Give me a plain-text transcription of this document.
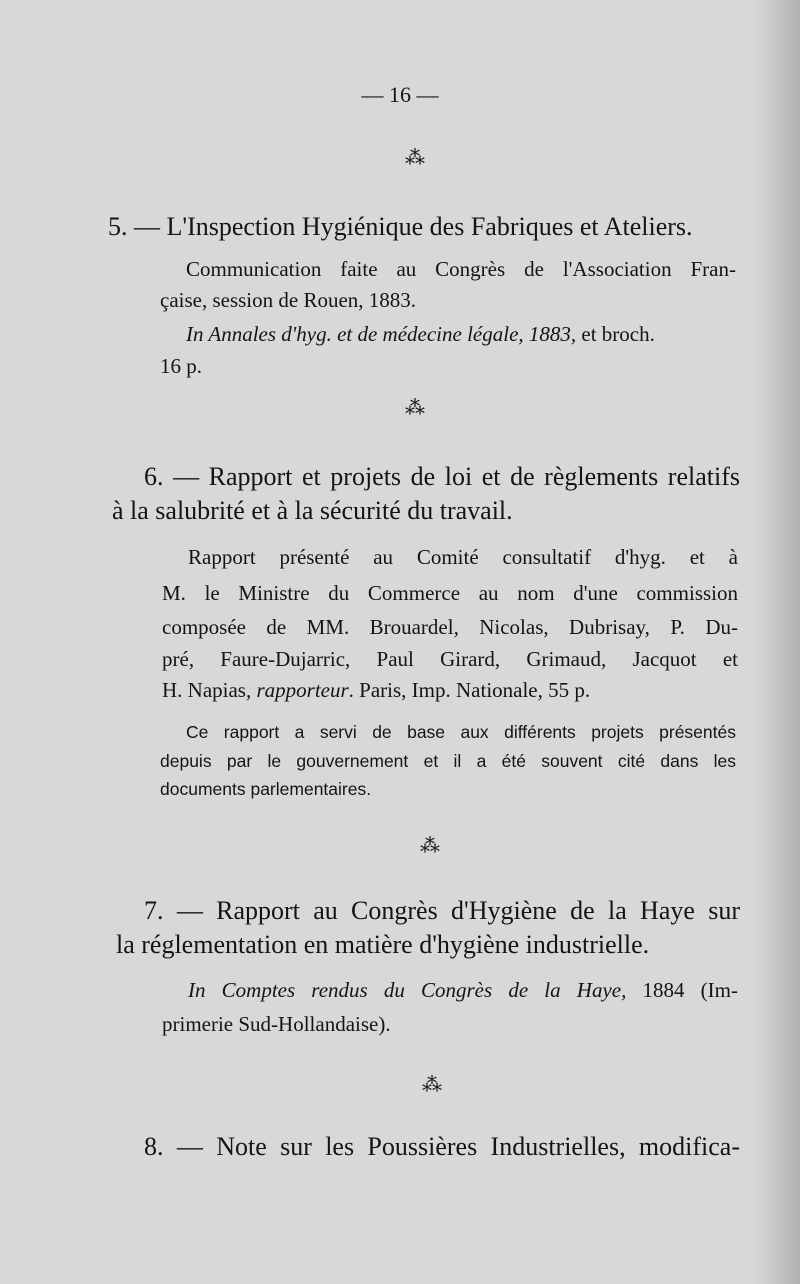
— 16 —
⁂
5. — L'Inspection Hygiénique des Fabriques et Ateliers.
Communication faite au Congrès de l'Association Fran-
çaise, session de Rouen, 1883.
In Annales d'hyg. et de médecine légale, 1883, et broch.
16 p.
⁂
6. — Rapport et projets de loi et de règlements relatifs
à la salubrité et à la sécurité du travail.
Rapport présenté au Comité consultatif d'hyg. et à
M. le Ministre du Commerce au nom d'une commission
composée de MM. Brouardel, Nicolas, Dubrisay, P. Du-
pré, Faure-Dujarric, Paul Girard, Grimaud, Jacquot et
H. Napias, rapporteur. Paris, Imp. Nationale, 55 p.
Ce rapport a servi de base aux différents projets présentés
depuis par le gouvernement et il a été souvent cité dans les
documents parlementaires.
⁂
7. — Rapport au Congrès d'Hygiène de la Haye sur
la réglementation en matière d'hygiène industrielle.
In Comptes rendus du Congrès de la Haye, 1884 (Im-
primerie Sud-Hollandaise).
⁂
8. — Note sur les Poussières Industrielles, modifica-
